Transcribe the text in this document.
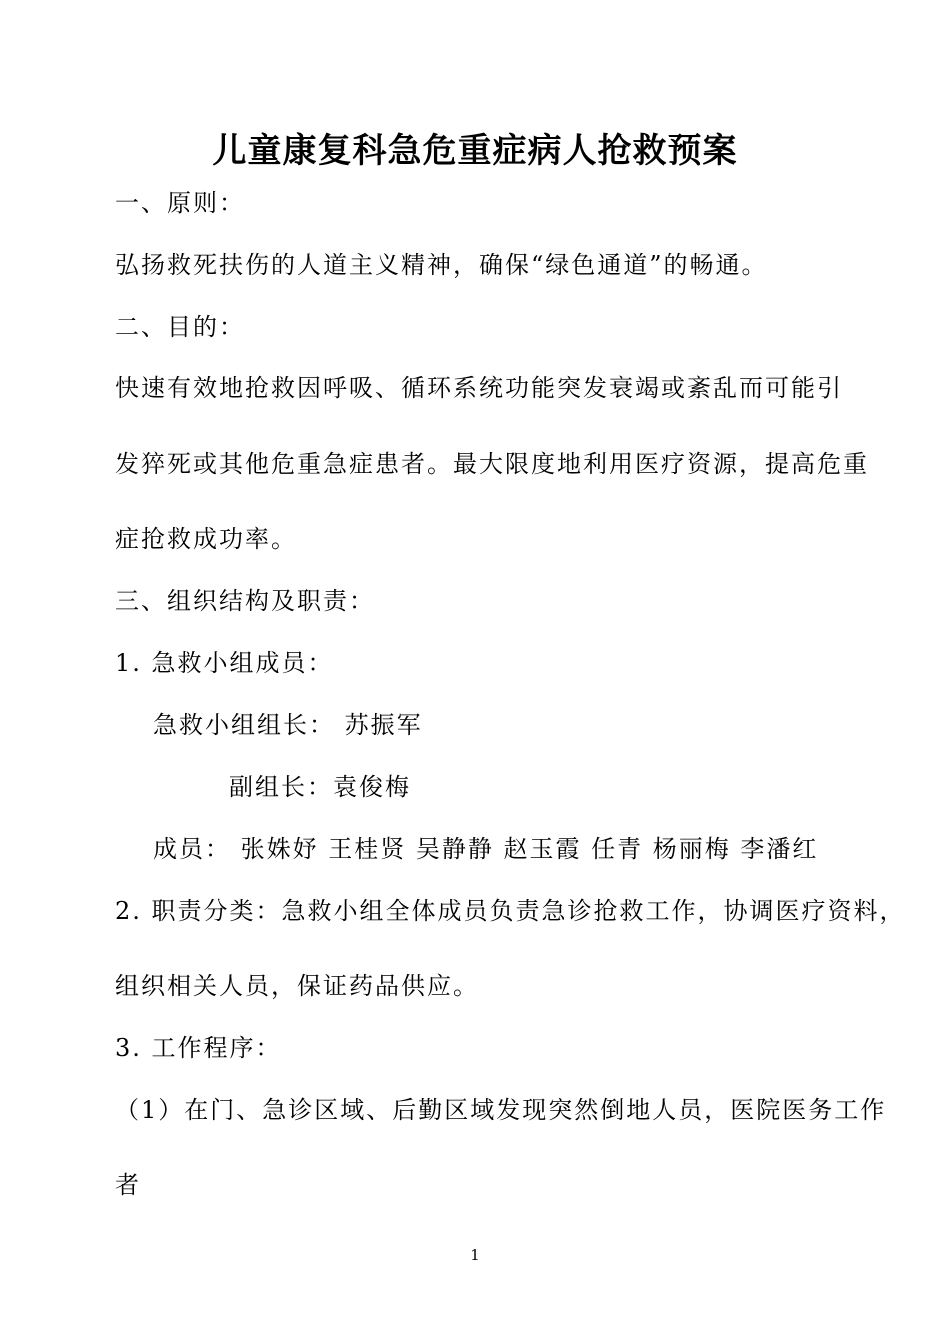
儿童康复科急危重症病人抢救预案
一、原则：
弘扬救死扶伤的人道主义精神，确保“绿色通道”的畅通。
二、目的：
快速有效地抢救因呼吸、循环系统功能突发衰竭或紊乱而可能引
发猝死或其他危重急症患者。最大限度地利用医疗资源，提高危重
症抢救成功率。
三、组织结构及职责：
1. 急救小组成员：
急救小组组长： 苏振军
副组长：袁俊梅
成员： 张姝妤 王桂贤 吴静静 赵玉霞 任青 杨丽梅 李潘红
2. 职责分类：急救小组全体成员负责急诊抢救工作，协调医疗资料，
组织相关人员，保证药品供应。
3. 工作程序：
（1）在门、急诊区域、后勤区域发现突然倒地人员，医院医务工作
者
1
